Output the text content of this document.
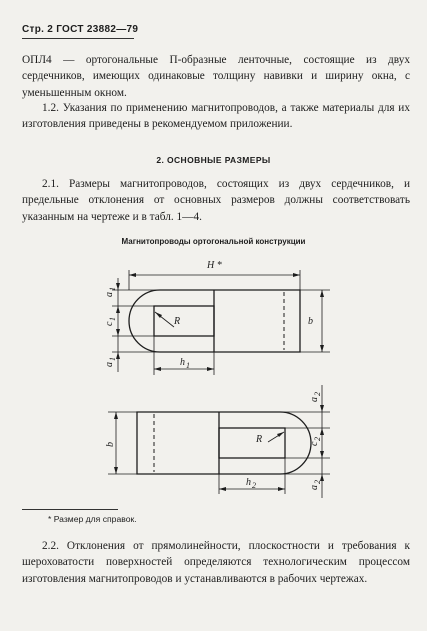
Стр. 2 ГОСТ 23882—79
ОПЛ4 — ортогональные П-образные ленточные, состоящие из двух сердечников, имеющих одинаковые толщину навивки и ширину окна, с уменьшенным окном.
1.2. Указания по применению магнитопроводов, а также материалы для их изготовления приведены в рекомендуемом приложении.
2. ОСНОВНЫЕ РАЗМЕРЫ
2.1. Размеры магнитопроводов, состоящих из двух сердечников, и предельные отклонения от основных размеров должны соответствовать указанным на чертеже и в табл. 1—4.
Магнитопроводы ортогональной конструкции
H *
R	b
a
1
c
1
a
1	h 1
b	R
a
2
c
2
a
2
h 2
* Размер для справок.
2.2. Отклонения от прямолинейности, плоскостности и требования к шероховатости поверхностей определяются технологическим процессом изготовления магнитопроводов и устанавливаются в рабочих чертежах.
